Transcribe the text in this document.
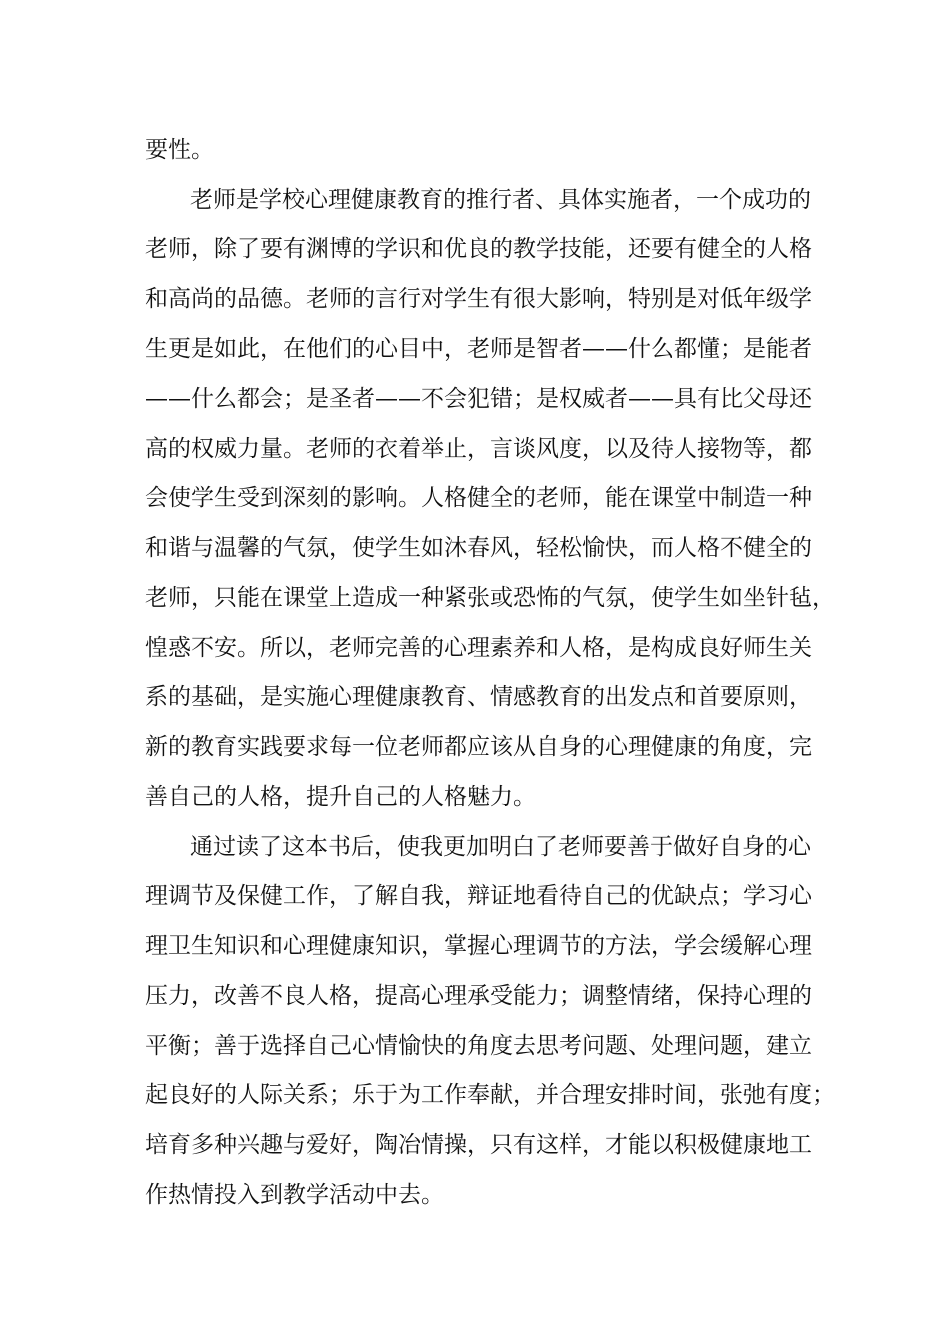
要性。

老师是学校心理健康教育的推行者、具体实施者，一个成功的

老师，除了要有渊博的学识和优良的教学技能，还要有健全的人格

和高尚的品德。老师的言行对学生有很大影响，特别是对低年级学

生更是如此，在他们的心目中，老师是智者——什么都懂；是能者

——什么都会；是圣者——不会犯错；是权威者——具有比父母还

高的权威力量。老师的衣着举止，言谈风度，以及待人接物等，都

会使学生受到深刻的影响。人格健全的老师，能在课堂中制造一种

和谐与温馨的气氛，使学生如沐春风，轻松愉快，而人格不健全的

老师，只能在课堂上造成一种紧张或恐怖的气氛，使学生如坐针毡，

惶惑不安。所以，老师完善的心理素养和人格，是构成良好师生关

系的基础，是实施心理健康教育、情感教育的出发点和首要原则，

新的教育实践要求每一位老师都应该从自身的心理健康的角度，完

善自己的人格，提升自己的人格魅力。

通过读了这本书后，使我更加明白了老师要善于做好自身的心

理调节及保健工作，了解自我，辩证地看待自己的优缺点；学习心

理卫生知识和心理健康知识，掌握心理调节的方法，学会缓解心理

压力，改善不良人格，提高心理承受能力；调整情绪，保持心理的

平衡；善于选择自己心情愉快的角度去思考问题、处理问题，建立

起良好的人际关系；乐于为工作奉献，并合理安排时间，张弛有度；

培育多种兴趣与爱好，陶冶情操，只有这样，才能以积极健康地工

作热情投入到教学活动中去。
